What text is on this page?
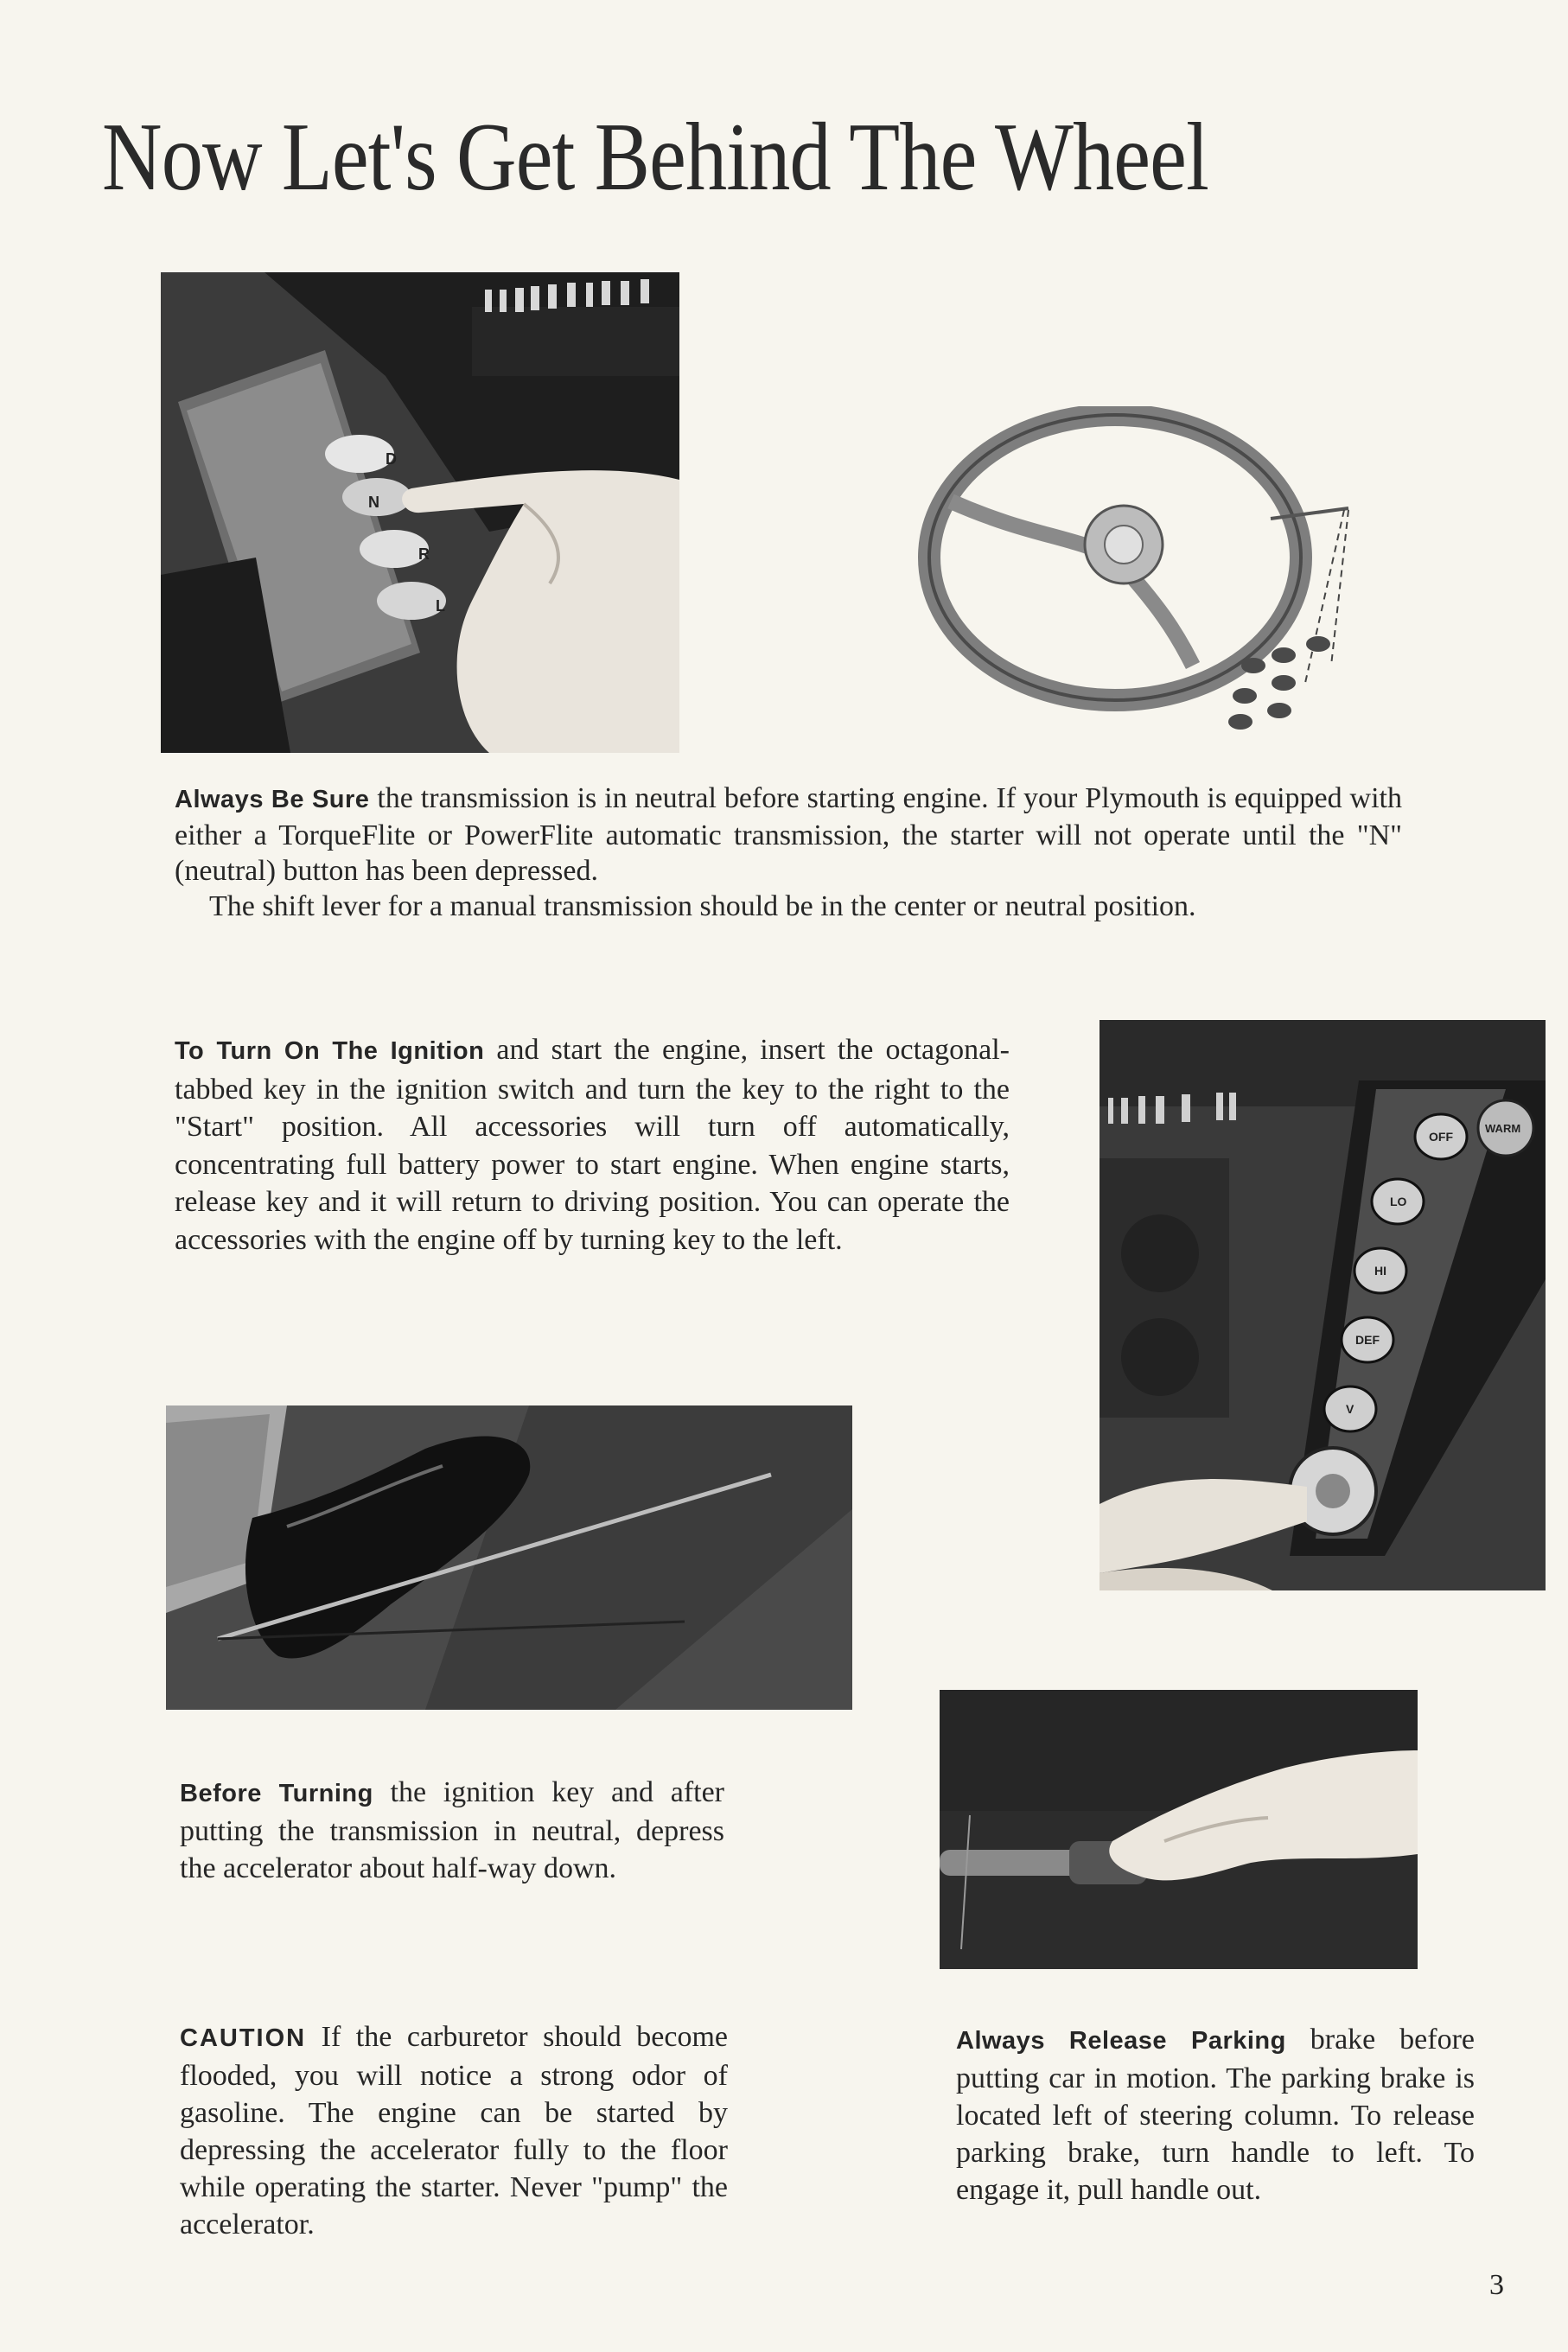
Now Let's Get Behind The Wheel
D
N
R
L
Always Be Sure the transmission is in neutral before starting engine. If your Plymouth is equipped with either a TorqueFlite or PowerFlite automatic transmission, the starter will not operate until the "N" (neutral) button has been depressed.
The shift lever for a manual transmission should be in the center or neutral position.
To Turn On The Ignition and start the engine, insert the octagonal-tabbed key in the ignition switch and turn the key to the right to the "Start" position. All accessories will turn off automatically, concentrating full battery power to start engine. When engine starts, release key and it will return to driving position. You can operate the accessories with the engine off by turning key to the left.
OFF
LO
HI
DEF
V
WARM
Before Turning the ignition key and after putting the transmission in neutral, depress the accelerator about half-way down.
CAUTION If the carburetor should become flooded, you will notice a strong odor of gasoline. The engine can be started by depressing the accelerator fully to the floor while operating the starter. Never "pump" the accelerator.
Always Release Parking brake before putting car in motion. The parking brake is located left of steering column. To release parking brake, turn handle to left. To engage it, pull handle out.
3
